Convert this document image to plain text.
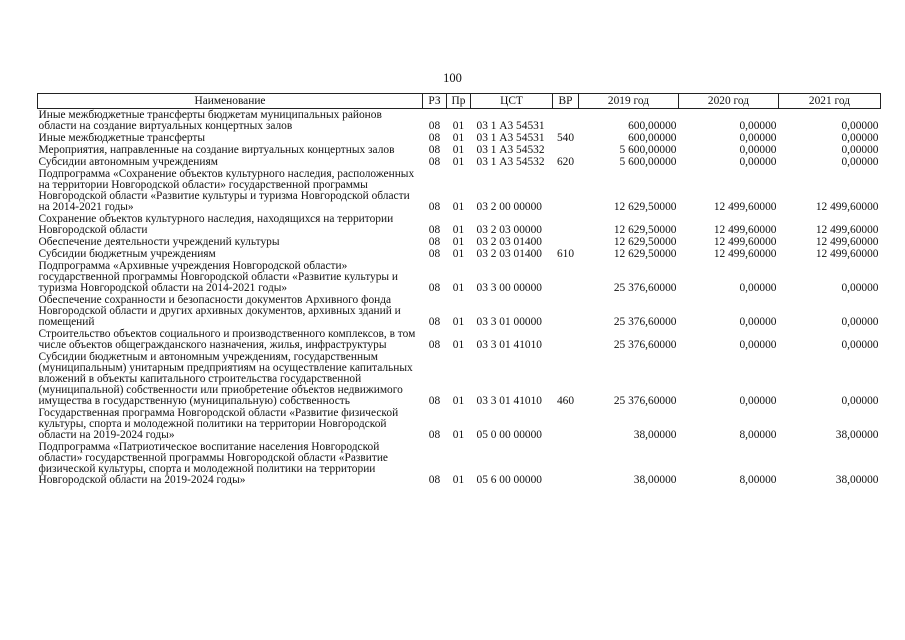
100
Наименование	РЗ	Пр	ЦСТ	ВР	2019 год	2020 год	2021 год
Иные межбюджетные трансферты бюджетам муниципальных районов области на создание виртуальных концертных залов	08	01	03 1 А3 54531		600,00000	0,00000	0,00000
Иные межбюджетные трансферты	08	01	03 1 А3 54531	540	600,00000	0,00000	0,00000
Мероприятия, направленные на создание виртуальных концертных залов	08	01	03 1 А3 54532		5 600,00000	0,00000	0,00000
Субсидии автономным учреждениям	08	01	03 1 А3 54532	620	5 600,00000	0,00000	0,00000
Подпрограмма «Сохранение объектов культурного наследия, расположенных на территории Новгородской области» государственной программы Новгородской области «Развитие культуры и туризма Новгородской области на 2014-2021 годы»	08	01	03 2 00 00000		12 629,50000	12 499,60000	12 499,60000
Сохранение объектов культурного наследия, находящихся на территории Новгородской области	08	01	03 2 03 00000		12 629,50000	12 499,60000	12 499,60000
Обеспечение деятельности учреждений культуры	08	01	03 2 03 01400		12 629,50000	12 499,60000	12 499,60000
Субсидии бюджетным учреждениям	08	01	03 2 03 01400	610	12 629,50000	12 499,60000	12 499,60000
Подпрограмма «Архивные учреждения Новгородской области» государственной программы Новгородской области «Развитие культуры и туризма Новгородской области на 2014-2021 годы»	08	01	03 3 00 00000		25 376,60000	0,00000	0,00000
Обеспечение сохранности и безопасности документов Архивного фонда Новгородской области и других архивных документов, архивных зданий и помещений	08	01	03 3 01 00000		25 376,60000	0,00000	0,00000
Строительство объектов социального и производственного комплексов, в том числе объектов общегражданского назначения, жилья, инфраструктуры	08	01	03 3 01 41010		25 376,60000	0,00000	0,00000
Субсидии бюджетным и автономным учреждениям, государственным (муниципальным) унитарным предприятиям на осуществление капитальных вложений в объекты капитального строительства государственной (муниципальной) собственности или приобретение объектов недвижимого имущества в государственную (муниципальную) собственность	08	01	03 3 01 41010	460	25 376,60000	0,00000	0,00000
Государственная программа Новгородской области «Развитие физической культуры, спорта и молодежной политики на территории Новгородской области на 2019-2024 годы»	08	01	05 0 00 00000		38,00000	8,00000	38,00000
Подпрограмма «Патриотическое воспитание населения Новгородской области» государственной программы Новгородской области «Развитие физической культуры, спорта и молодежной политики на территории Новгородской области на 2019-2024 годы»	08	01	05 6 00 00000		38,00000	8,00000	38,00000
